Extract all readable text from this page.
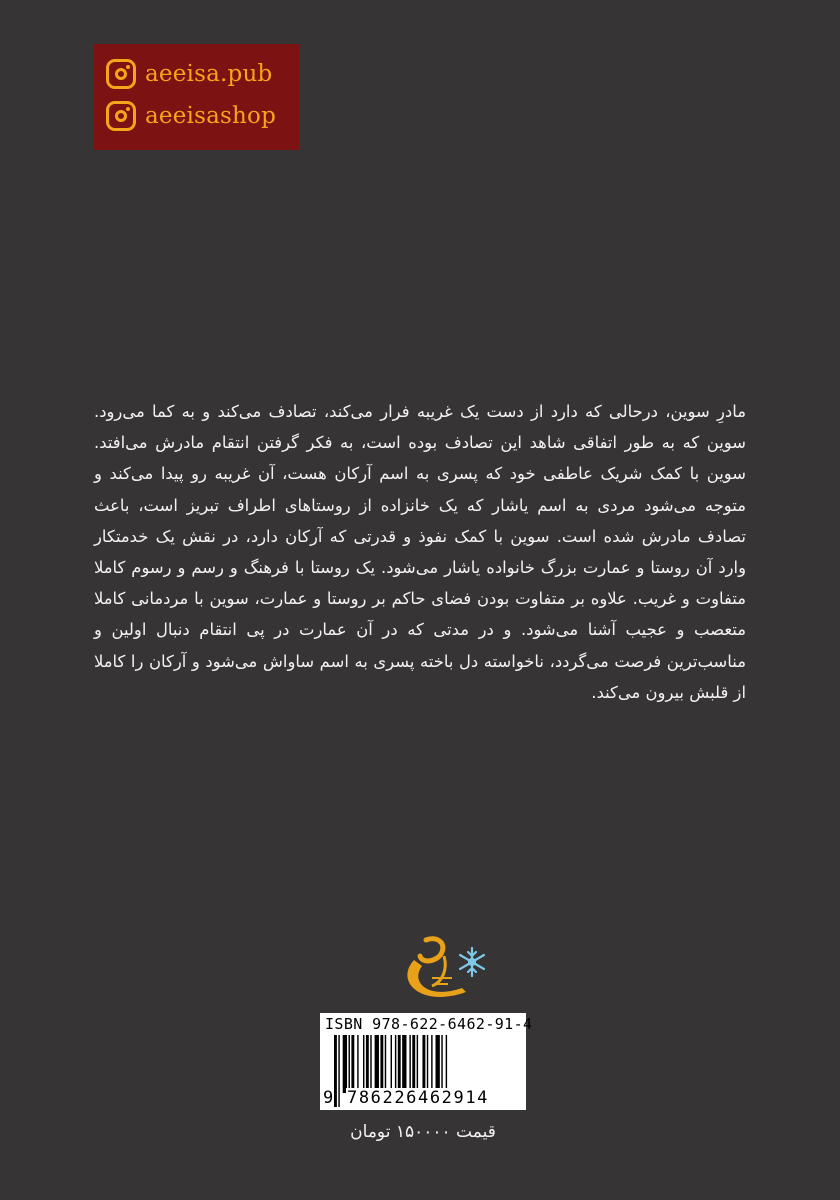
aeeisa.pub
aeeisashop

مادرِ سوین، درحالی که دارد از دست یک غریبه فرار می‌کند، تصادف می‌کند و به کما می‌رود. سوین که به طور اتفاقی شاهد این تصادف بوده است، به فکر گرفتن انتقام مادرش می‌افتد. سوین با کمک شریک عاطفی خود که پسری به اسم آرکان هست، آن غریبه رو پیدا می‌کند و متوجه می‌شود مردی به اسم یاشار که یک خانزاده از روستاهای اطراف تبریز است، باعث تصادف مادرش شده است. سوین با کمک نفوذ و قدرتی که آرکان دارد، در نقش یک خدمتکار وارد آن روستا و عمارت بزرگ خانواده یاشار می‌شود. یک روستا با فرهنگ و رسم و رسوم کاملا متفاوت و غریب. علاوه بر متفاوت بودن فضای حاکم بر روستا و عمارت، سوین با مردمانی کاملا متعصب و عجیب آشنا می‌شود. و در مدتی که در آن عمارت در پی انتقام دنبال اولین و مناسب‌ترین فرصت می‌گردد، ناخواسته دل باخته پسری به اسم ساواش می‌شود و آرکان را کاملا از قلبش بیرون می‌کند.

ISBN 978-622-6462-91-4
9 786226462914
قیمت ۱۵۰۰۰۰ تومان
